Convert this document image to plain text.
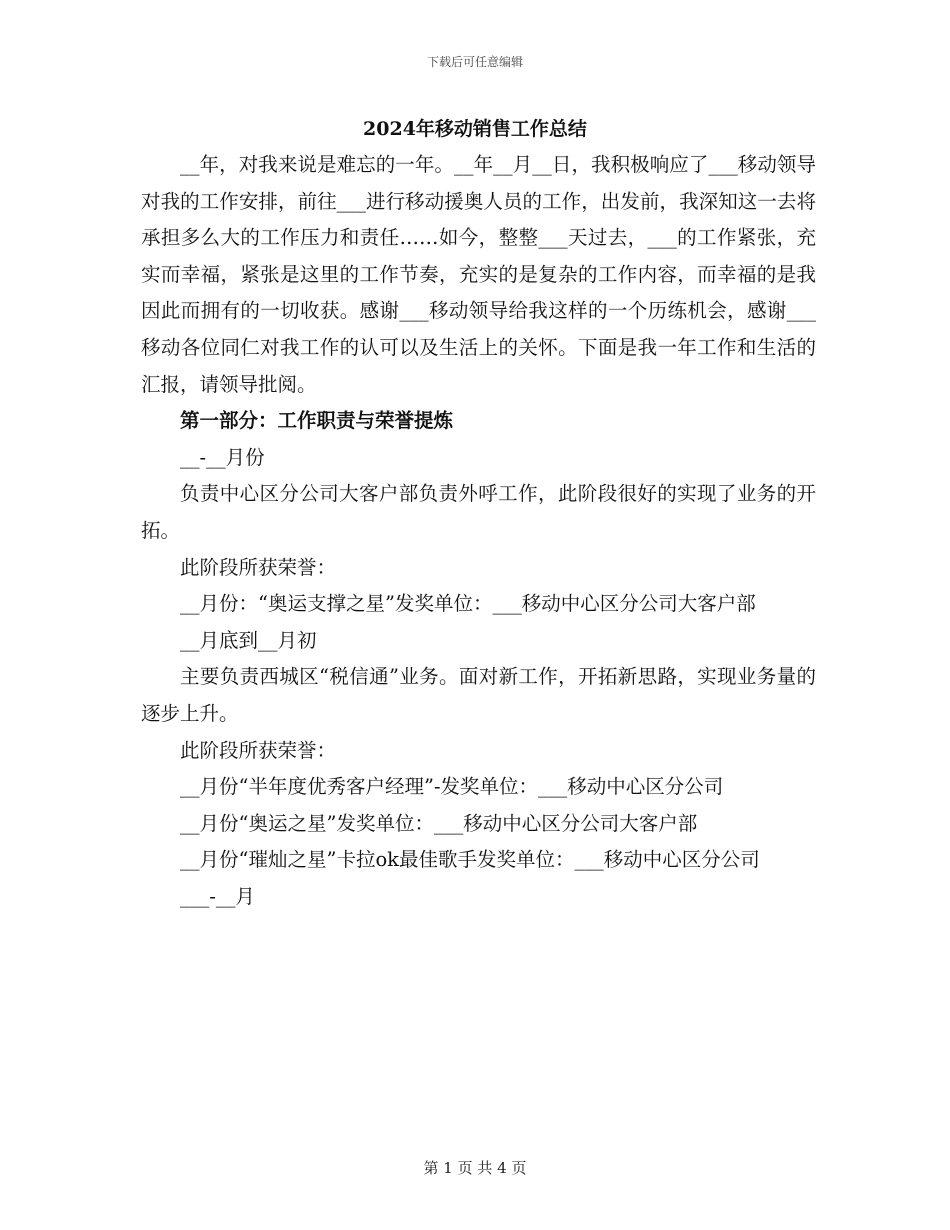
下载后可任意编辑
2024年移动销售工作总结

__年，对我来说是难忘的一年。__年__月__日，我积极响应了___移动领导对我的工作安排，前往___进行移动援奥人员的工作，出发前，我深知这一去将承担多么大的工作压力和责任……如今，整整___天过去，___的工作紧张，充实而幸福，紧张是这里的工作节奏，充实的是复杂的工作内容，而幸福的是我因此而拥有的一切收获。感谢___移动领导给我这样的一个历练机会，感谢___移动各位同仁对我工作的认可以及生活上的关怀。下面是我一年工作和生活的汇报，请领导批阅。

第一部分：工作职责与荣誉提炼

__-__月份

负责中心区分公司大客户部负责外呼工作，此阶段很好的实现了业务的开拓。

此阶段所获荣誉：

__月份：“奥运支撑之星”发奖单位：___移动中心区分公司大客户部

__月底到__月初

主要负责西城区“税信通”业务。面对新工作，开拓新思路，实现业务量的逐步上升。

此阶段所获荣誉：

__月份“半年度优秀客户经理”-发奖单位：___移动中心区分公司

__月份“奥运之星”发奖单位：___移动中心区分公司大客户部

__月份“璀灿之星”卡拉ok最佳歌手发奖单位：___移动中心区分公司

___-__月

第 1 页 共 4 页
